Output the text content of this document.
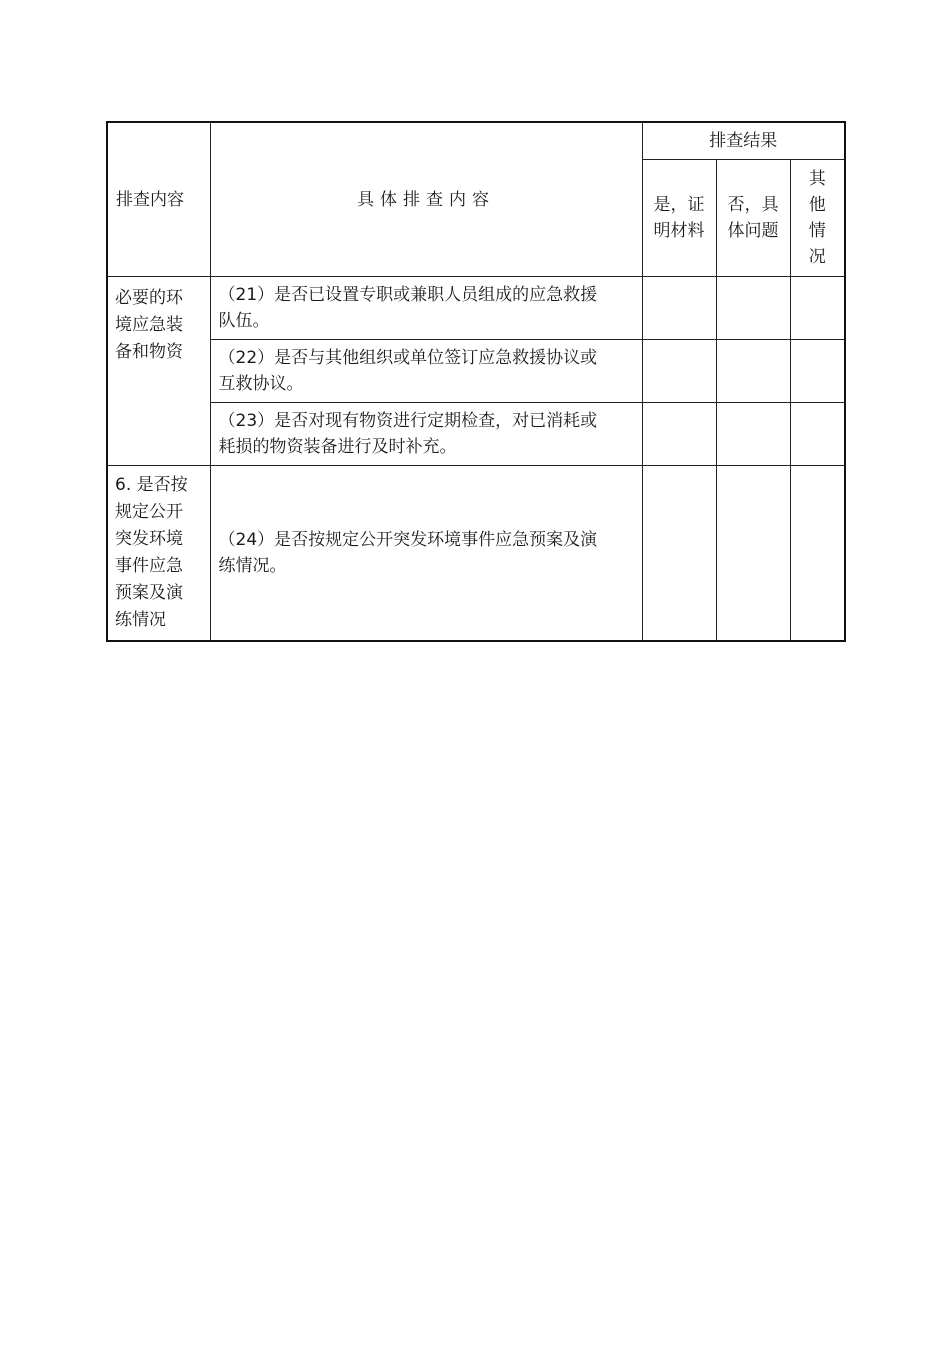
排查内容	具体排查内容	排查结果		
		是，证明材料	否，具体问题	其他情况

必要的环境应急装备和物资	（21）是否已设置专职或兼职人员组成的应急救援队伍。			
	（22）是否与其他组织或单位签订应急救援协议或互救协议。			
	（23）是否对现有物资进行定期检查，对已消耗或耗损的物资装备进行及时补充。			

6. 是否按规定公开突发环境事件应急预案及演练情况	（24）是否按规定公开突发环境事件应急预案及演练情况。			
